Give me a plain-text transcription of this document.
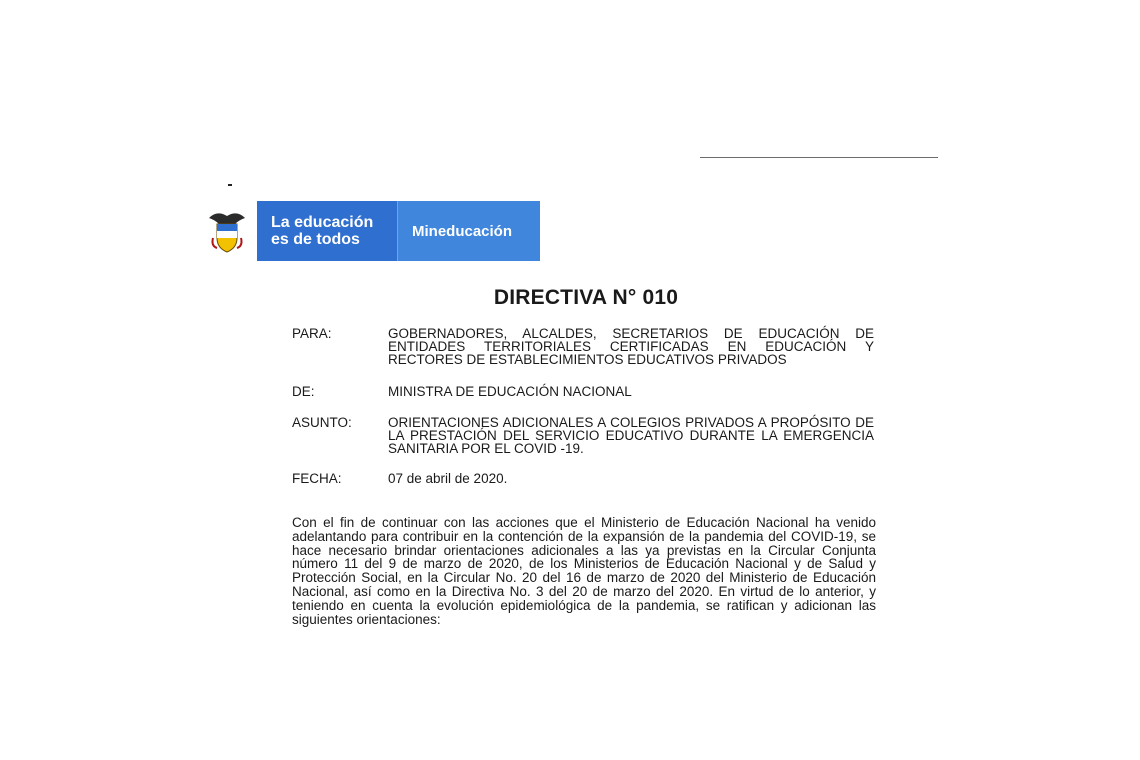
La educación
es de todos	Mineducación
DIRECTIVA N° 010
PARA:	GOBERNADORES, ALCALDES, SECRETARIOS DE EDUCACIÓN DE ENTIDADES TERRITORIALES CERTIFICADAS EN EDUCACIÓN Y RECTORES DE ESTABLECIMIENTOS EDUCATIVOS PRIVADOS
DE:	MINISTRA DE EDUCACIÓN NACIONAL
ASUNTO:	ORIENTACIONES ADICIONALES A COLEGIOS PRIVADOS A PROPÓSITO DE LA PRESTACIÓN DEL SERVICIO EDUCATIVO DURANTE LA EMERGENCIA SANITARIA POR EL COVID -19.
FECHA:	07 de abril de 2020.
Con el fin de continuar con las acciones que el Ministerio de Educación Nacional ha venido adelantando para contribuir en la contención de la expansión de la pandemia del COVID-19, se hace necesario brindar orientaciones adicionales a las ya previstas en la Circular Conjunta número 11 del 9 de marzo de 2020, de los Ministerios de Educación Nacional y de Salud y Protección Social, en la Circular No. 20 del 16 de marzo de 2020 del Ministerio de Educación Nacional, así como en la Directiva No. 3 del 20 de marzo del 2020. En virtud de lo anterior, y teniendo en cuenta la evolución epidemiológica de la pandemia, se ratifican y adicionan las siguientes orientaciones:
